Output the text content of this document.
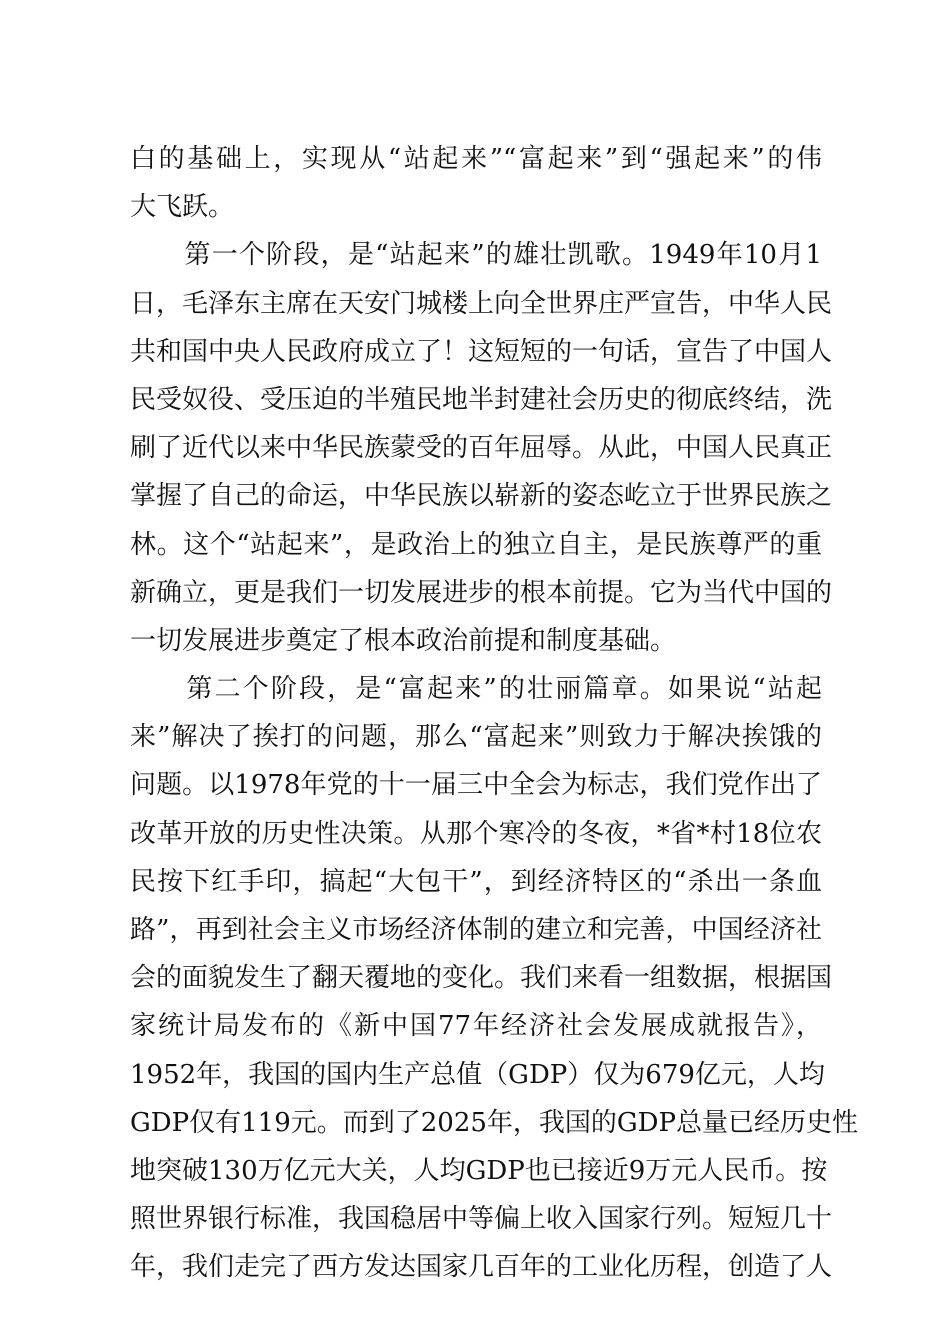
白的基础上，实现从“站起来”“富起来”到“强起来”的伟
大飞跃。

　　第一个阶段，是“站起来”的雄壮凯歌。1949年10月1
日，毛泽东主席在天安门城楼上向全世界庄严宣告，中华人民
共和国中央人民政府成立了！这短短的一句话，宣告了中国人
民受奴役、受压迫的半殖民地半封建社会历史的彻底终结，洗
刷了近代以来中华民族蒙受的百年屈辱。从此，中国人民真正
掌握了自己的命运，中华民族以崭新的姿态屹立于世界民族之
林。这个“站起来”，是政治上的独立自主，是民族尊严的重
新确立，更是我们一切发展进步的根本前提。它为当代中国的
一切发展进步奠定了根本政治前提和制度基础。

　　第二个阶段，是“富起来”的壮丽篇章。如果说“站起
来”解决了挨打的问题，那么“富起来”则致力于解决挨饿的
问题。以1978年党的十一届三中全会为标志，我们党作出了
改革开放的历史性决策。从那个寒冷的冬夜，*省*村18位农
民按下红手印，搞起“大包干”，到经济特区的“杀出一条血
路”，再到社会主义市场经济体制的建立和完善，中国经济社
会的面貌发生了翻天覆地的变化。我们来看一组数据，根据国
家统计局发布的《新中国77年经济社会发展成就报告》，
1952年，我国的国内生产总值（GDP）仅为679亿元，人均
GDP仅有119元。而到了2025年，我国的GDP总量已经历史性
地突破130万亿元大关，人均GDP也已接近9万元人民币。按
照世界银行标准，我国稳居中等偏上收入国家行列。短短几十
年，我们走完了西方发达国家几百年的工业化历程，创造了人
